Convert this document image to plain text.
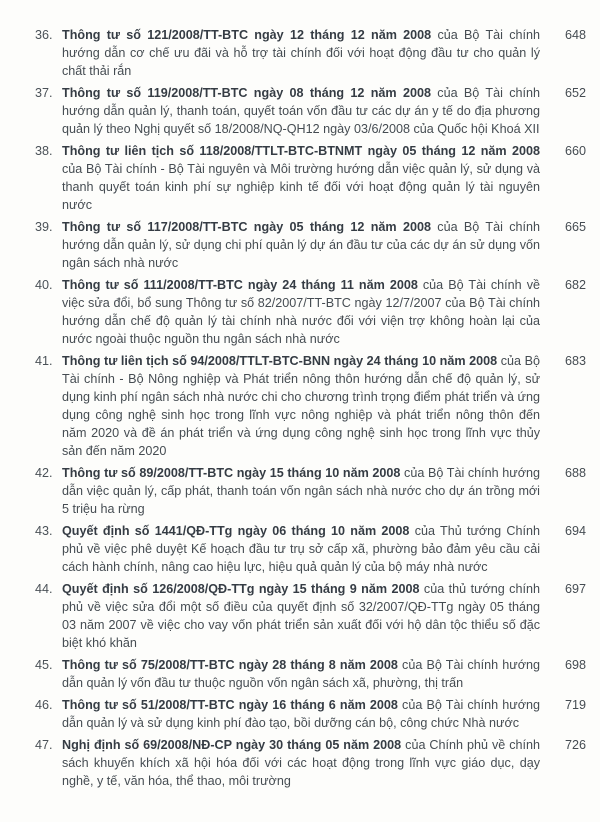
36. Thông tư số 121/2008/TT-BTC ngày 12 tháng 12 năm 2008 của Bộ Tài chính hướng dẫn cơ chế ưu đãi và hỗ trợ tài chính đối với hoạt động đầu tư cho quản lý chất thải rắn
648
37. Thông tư số 119/2008/TT-BTC ngày 08 tháng 12 năm 2008 của Bộ Tài chính hướng dẫn quản lý, thanh toán, quyết toán vốn đầu tư các dự án y tế do địa phương quản lý theo Nghị quyết số 18/2008/NQ-QH12 ngày 03/6/2008 của Quốc hội Khoá XII
652
38. Thông tư liên tịch số 118/2008/TTLT-BTC-BTNMT ngày 05 tháng 12 năm 2008 của Bộ Tài chính - Bộ Tài nguyên và Môi trường hướng dẫn việc quản lý, sử dụng và thanh quyết toán kinh phí sự nghiệp kinh tế đối với hoạt động quản lý tài nguyên nước
660
39. Thông tư số 117/2008/TT-BTC ngày 05 tháng 12 năm 2008 của Bộ Tài chính hướng dẫn quản lý, sử dụng chi phí quản lý dự án đầu tư của các dự án sử dụng vốn ngân sách nhà nước
665
40. Thông tư số 111/2008/TT-BTC ngày 24 tháng 11 năm 2008 của Bộ Tài chính về việc sửa đổi, bổ sung Thông tư số 82/2007/TT-BTC ngày 12/7/2007 của Bộ Tài chính hướng dẫn chế độ quản lý tài chính nhà nước đối với viện trợ không hoàn lại của nước ngoài thuộc nguồn thu ngân sách nhà nước
682
41. Thông tư liên tịch số 94/2008/TTLT-BTC-BNN ngày 24 tháng 10 năm 2008 của Bộ Tài chính - Bộ Nông nghiệp và Phát triển nông thôn hướng dẫn chế độ quản lý, sử dụng kinh phí ngân sách nhà nước chi cho chương trình trọng điểm phát triển và ứng dụng công nghệ sinh học trong lĩnh vực nông nghiệp và phát triển nông thôn đến năm 2020 và đề án phát triển và ứng dụng công nghệ sinh học trong lĩnh vực thủy sản đến năm 2020
683
42. Thông tư số 89/2008/TT-BTC ngày 15 tháng 10 năm 2008 của Bộ Tài chính hướng dẫn việc quản lý, cấp phát, thanh toán vốn ngân sách nhà nước cho dự án trồng mới 5 triệu ha rừng
688
43. Quyết định số 1441/QĐ-TTg ngày 06 tháng 10 năm 2008 của Thủ tướng Chính phủ về việc phê duyệt Kế hoạch đầu tư trụ sở cấp xã, phường bảo đảm yêu cầu cải cách hành chính, nâng cao hiệu lực, hiệu quả quản lý của bộ máy nhà nước
694
44. Quyết định số 126/2008/QĐ-TTg ngày 15 tháng 9 năm 2008 của thủ tướng chính phủ về việc sửa đổi một số điều của quyết định số 32/2007/QĐ-TTg ngày 05 tháng 03 năm 2007 về việc cho vay vốn phát triển sản xuất đối với hộ dân tộc thiểu số đặc biệt khó khăn
697
45. Thông tư số 75/2008/TT-BTC ngày 28 tháng 8 năm 2008 của Bộ Tài chính hướng dẫn quản lý vốn đầu tư thuộc nguồn vốn ngân sách xã, phường, thị trấn
698
46. Thông tư số 51/2008/TT-BTC ngày 16 tháng 6 năm 2008 của Bộ Tài chính hướng dẫn quản lý và sử dụng kinh phí đào tạo, bồi dưỡng cán bộ, công chức Nhà nước
719
47. Nghị định số 69/2008/NĐ-CP ngày 30 tháng 05 năm 2008 của Chính phủ về chính sách khuyến khích xã hội hóa đối với các hoạt động trong lĩnh vực giáo dục, dạy nghề, y tế, văn hóa, thể thao, môi trường
726
